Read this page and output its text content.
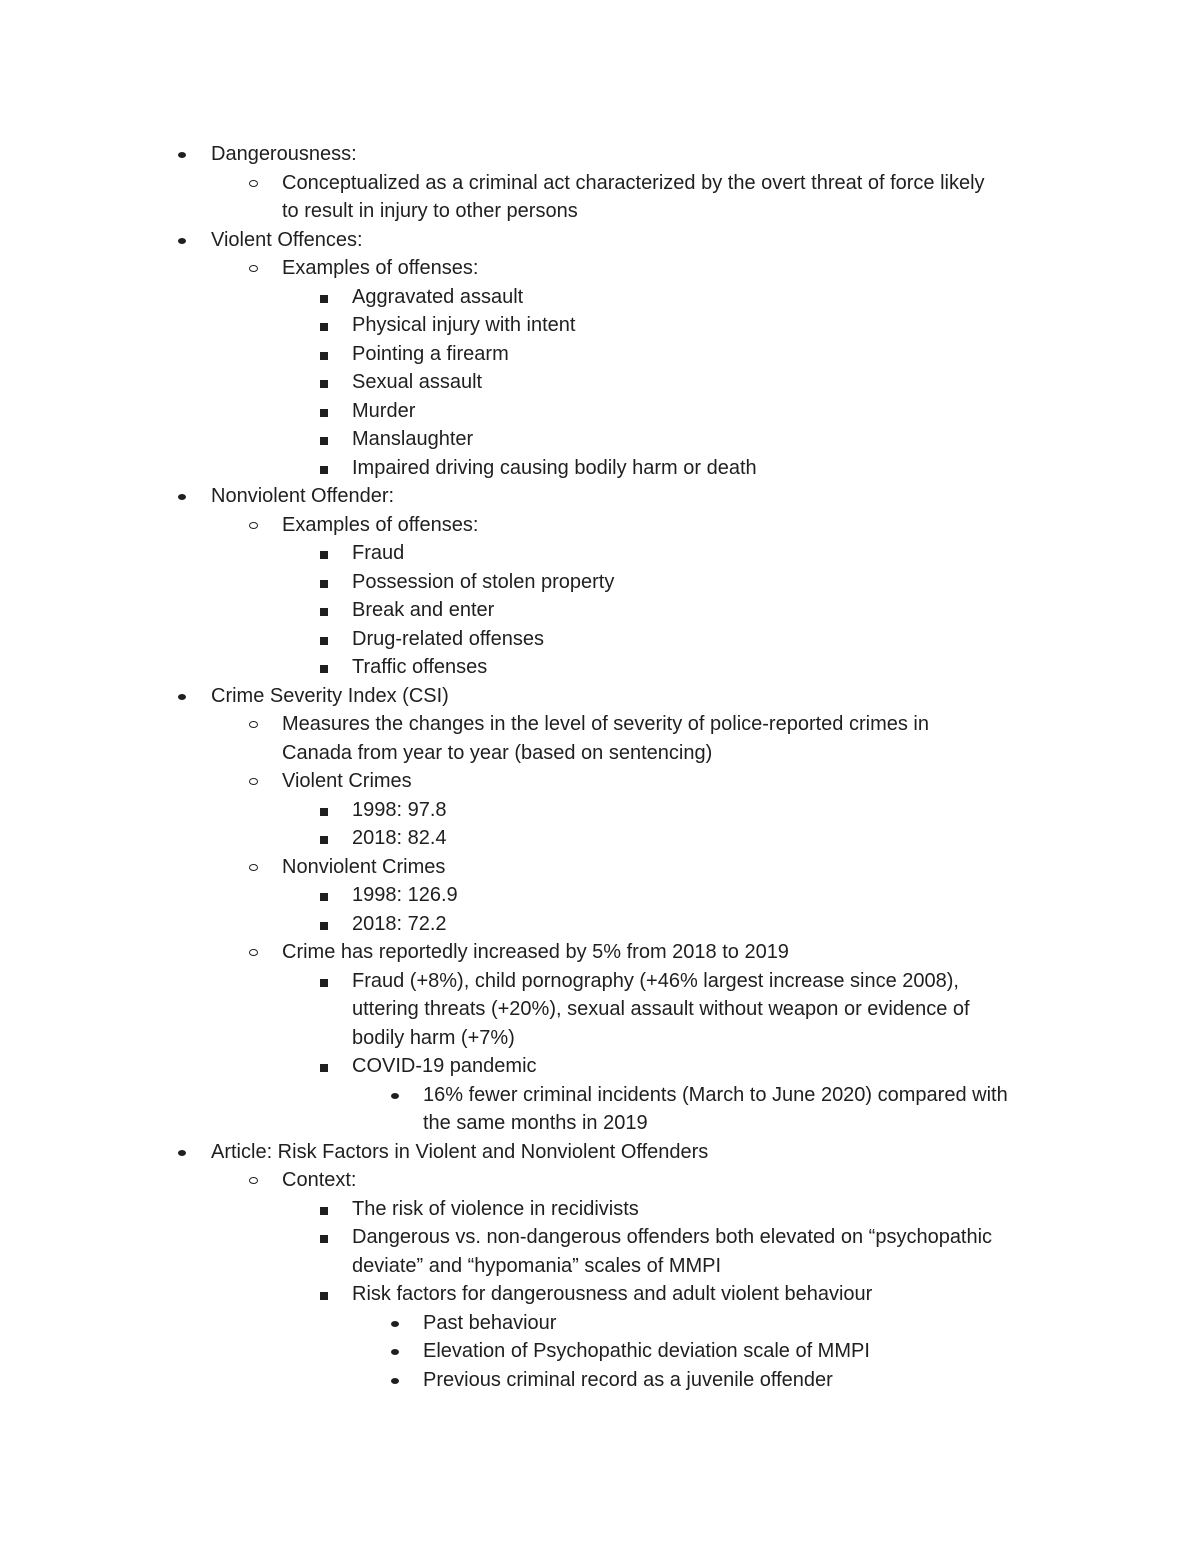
Dangerousness:
Conceptualized as a criminal act characterized by the overt threat of force likely
to result in injury to other persons
Violent Offences:
Examples of offenses:
Aggravated assault
Physical injury with intent
Pointing a firearm
Sexual assault
Murder
Manslaughter
Impaired driving causing bodily harm or death
Nonviolent Offender:
Examples of offenses:
Fraud
Possession of stolen property
Break and enter
Drug-related offenses
Traffic offenses
Crime Severity Index (CSI)
Measures the changes in the level of severity of police-reported crimes in
Canada from year to year (based on sentencing)
Violent Crimes
1998: 97.8
2018: 82.4
Nonviolent Crimes
1998: 126.9
2018: 72.2
Crime has reportedly increased by 5% from 2018 to 2019
Fraud (+8%), child pornography (+46% largest increase since 2008),
uttering threats (+20%), sexual assault without weapon or evidence of
bodily harm (+7%)
COVID-19 pandemic
16% fewer criminal incidents (March to June 2020) compared with
the same months in 2019
Article: Risk Factors in Violent and Nonviolent Offenders
Context:
The risk of violence in recidivists
Dangerous vs. non-dangerous offenders both elevated on “psychopathic
deviate” and “hypomania” scales of MMPI
Risk factors for dangerousness and adult violent behaviour
Past behaviour
Elevation of Psychopathic deviation scale of MMPI
Previous criminal record as a juvenile offender
